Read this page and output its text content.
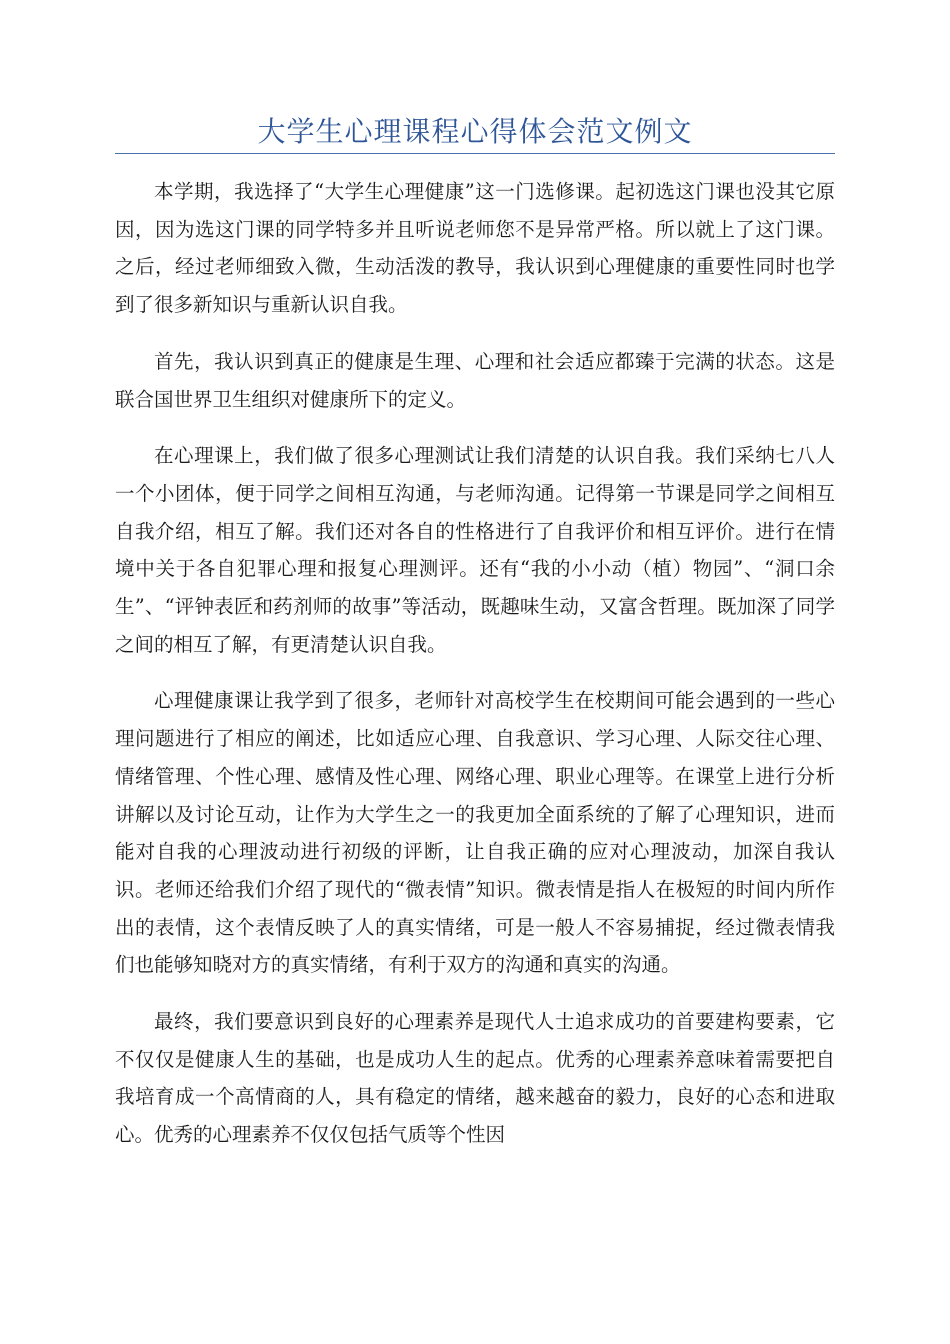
大学生心理课程心得体会范文例文

本学期，我选择了“大学生心理健康”这一门选修课。起初选这门课也没其它原因，因为选这门课的同学特多并且听说老师您不是异常严格。所以就上了这门课。之后，经过老师细致入微，生动活泼的教导，我认识到心理健康的重要性同时也学到了很多新知识与重新认识自我。

首先，我认识到真正的健康是生理、心理和社会适应都臻于完满的状态。这是联合国世界卫生组织对健康所下的定义。

在心理课上，我们做了很多心理测试让我们清楚的认识自我。我们采纳七八人一个小团体，便于同学之间相互沟通，与老师沟通。记得第一节课是同学之间相互自我介绍，相互了解。我们还对各自的性格进行了自我评价和相互评价。进行在情境中关于各自犯罪心理和报复心理测评。还有“我的小小动（植）物园”、“洞口余生”、“评钟表匠和药剂师的故事”等活动，既趣味生动，又富含哲理。既加深了同学之间的相互了解，有更清楚认识自我。

心理健康课让我学到了很多，老师针对高校学生在校期间可能会遇到的一些心理问题进行了相应的阐述，比如适应心理、自我意识、学习心理、人际交往心理、情绪管理、个性心理、感情及性心理、网络心理、职业心理等。在课堂上进行分析讲解以及讨论互动，让作为大学生之一的我更加全面系统的了解了心理知识，进而能对自我的心理波动进行初级的评断，让自我正确的应对心理波动，加深自我认识。老师还给我们介绍了现代的“微表情”知识。微表情是指人在极短的时间内所作出的表情，这个表情反映了人的真实情绪，可是一般人不容易捕捉，经过微表情我们也能够知晓对方的真实情绪，有利于双方的沟通和真实的沟通。

最终，我们要意识到良好的心理素养是现代人士追求成功的首要建构要素，它不仅仅是健康人生的基础，也是成功人生的起点。优秀的心理素养意味着需要把自我培育成一个高情商的人，具有稳定的情绪，越来越奋的毅力，良好的心态和进取心。优秀的心理素养不仅仅包括气质等个性因
